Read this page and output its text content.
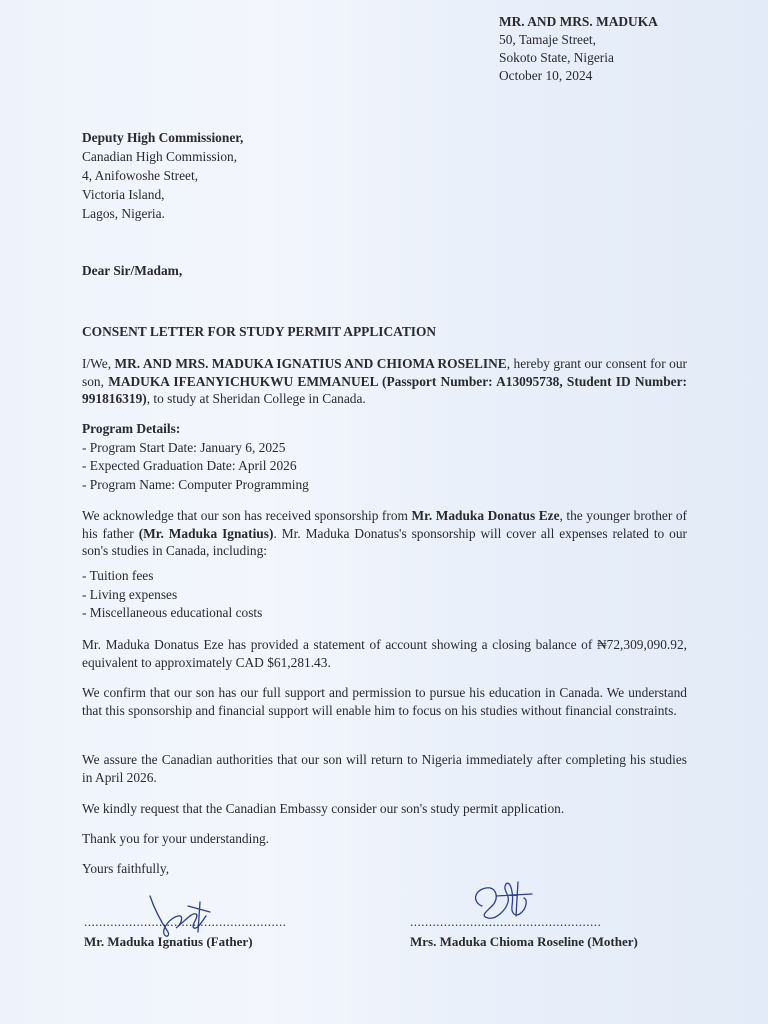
MR. AND MRS. MADUKA
50, Tamaje Street,
Sokoto State, Nigeria
October 10, 2024
Deputy High Commissioner,
Canadian High Commission,
4, Anifowoshe Street,
Victoria Island,
Lagos, Nigeria.
Dear Sir/Madam,
CONSENT LETTER FOR STUDY PERMIT APPLICATION
I/We, MR. AND MRS. MADUKA IGNATIUS AND CHIOMA ROSELINE, hereby grant our consent for our son, MADUKA IFEANYICHUKWU EMMANUEL (Passport Number: A13095738, Student ID Number: 991816319), to study at Sheridan College in Canada.
Program Details:
- Program Start Date: January 6, 2025
- Expected Graduation Date: April 2026
- Program Name: Computer Programming
We acknowledge that our son has received sponsorship from Mr. Maduka Donatus Eze, the younger brother of his father (Mr. Maduka Ignatius). Mr. Maduka Donatus's sponsorship will cover all expenses related to our son's studies in Canada, including:
- Tuition fees
- Living expenses
- Miscellaneous educational costs
Mr. Maduka Donatus Eze has provided a statement of account showing a closing balance of ₦72,309,090.92, equivalent to approximately CAD $61,281.43.
We confirm that our son has our full support and permission to pursue his education in Canada. We understand that this sponsorship and financial support will enable him to focus on his studies without financial constraints.
We assure the Canadian authorities that our son will return to Nigeria immediately after completing his studies in April 2026.
We kindly request that the Canadian Embassy consider our son's study permit application.
Thank you for your understanding.
Yours faithfully,
......................................................	...................................................
Mr. Maduka Ignatius (Father)	Mrs. Maduka Chioma Roseline (Mother)
